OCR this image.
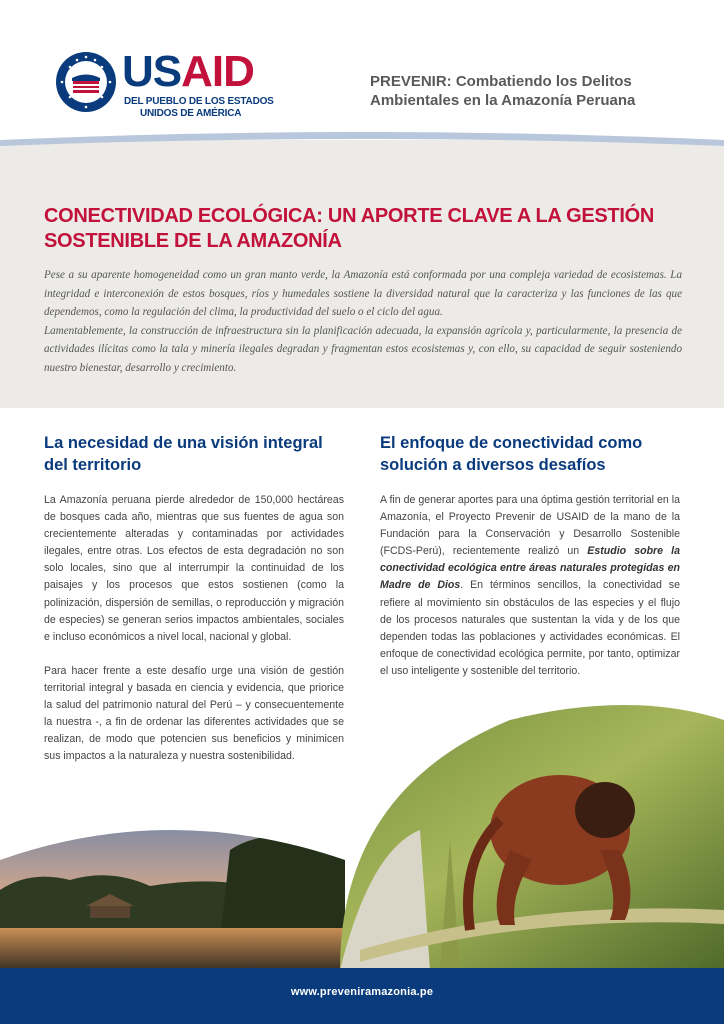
USAID
DEL PUEBLO DE LOS ESTADOS
UNIDOS DE AMÉRICA
PREVENIR: Combatiendo los Delitos
Ambientales en la Amazonía Peruana
CONECTIVIDAD ECOLÓGICA: UN APORTE CLAVE A LA GESTIÓN SOSTENIBLE DE LA AMAZONÍA

Pese a su aparente homogeneidad como un gran manto verde, la Amazonía está conformada por una compleja variedad de ecosistemas. La integridad e interconexión de estos bosques, ríos y humedales sostiene la diversidad natural que la caracteriza y las funciones de las que dependemos, como la regulación del clima, la productividad del suelo o el ciclo del agua.

Lamentablemente, la construcción de infraestructura sin la planificación adecuada, la expansión agrícola y, particularmente, la presencia de actividades ilícitas como la tala y minería ilegales degradan y fragmentan estos ecosistemas y, con ello, su capacidad de seguir sosteniendo nuestro bienestar, desarrollo y crecimiento.

La necesidad de una visión integral del territorio

La Amazonía peruana pierde alrededor de 150,000 hectáreas de bosques cada año, mientras que sus fuentes de agua son crecientemente alteradas y contaminadas por actividades ilegales, entre otras. Los efectos de esta degradación no son solo locales, sino que al interrumpir la continuidad de los paisajes y los procesos que estos sostienen (como la polinización, dispersión de semillas, o reproducción y migración de especies) se generan serios impactos ambientales, sociales e incluso económicos a nivel local, nacional y global.

Para hacer frente a este desafío urge una visión de gestión territorial integral y basada en ciencia y evidencia, que priorice la salud del patrimonio natural del Perú – y consecuentemente la nuestra -, a fin de ordenar las diferentes actividades que se realizan, de modo que potencien sus beneficios y minimicen sus impactos a la naturaleza y nuestra sostenibilidad.

El enfoque de conectividad como solución a diversos desafíos

A fin de generar aportes para una óptima gestión territorial en la Amazonía, el Proyecto Prevenir de USAID de la mano de la Fundación para la Conservación y Desarrollo Sostenible (FCDS-Perú), recientemente realizó un Estudio sobre la conectividad ecológica entre áreas naturales protegidas en Madre de Dios. En términos sencillos, la conectividad se refiere al movimiento sin obstáculos de las especies y el flujo de los procesos naturales que sustentan la vida y de los que dependen todas las poblaciones y actividades económicas. El enfoque de conectividad ecológica permite, por tanto, optimizar el uso inteligente y sostenible del territorio.

www.preveniramazonia.pe
